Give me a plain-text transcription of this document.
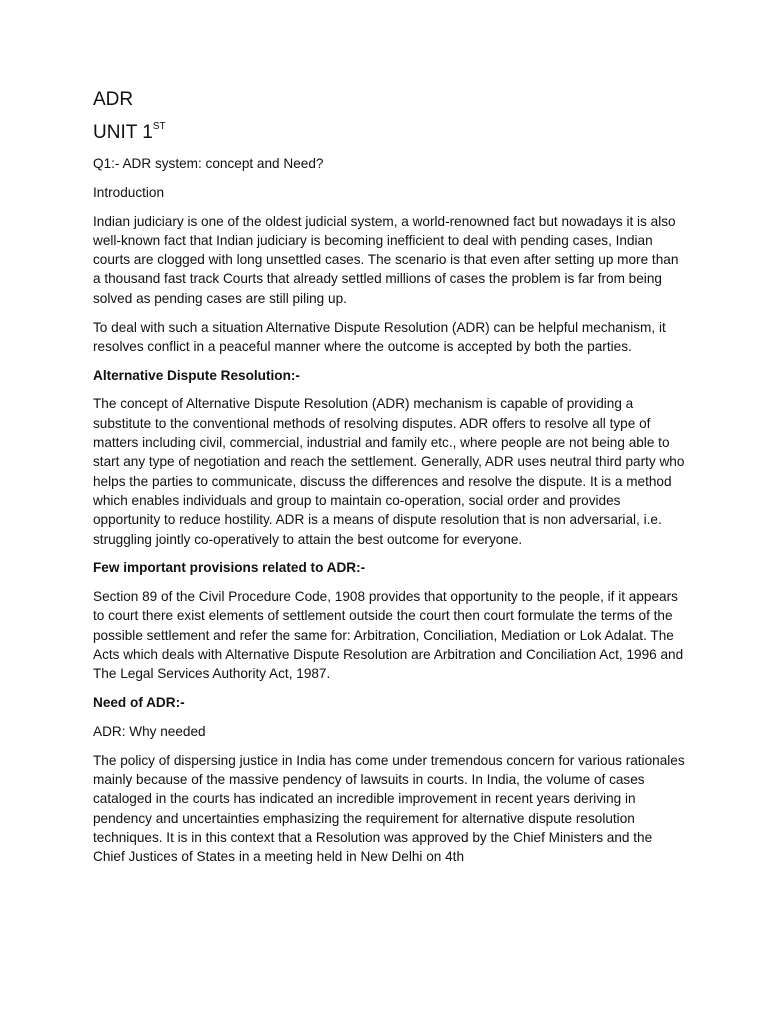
ADR
UNIT 1ST

Q1:- ADR system: concept and Need?

Introduction

Indian judiciary is one of the oldest judicial system, a world-renowned fact but nowadays it is also well-known fact that Indian judiciary is becoming inefficient to deal with pending cases, Indian courts are clogged with long unsettled cases. The scenario is that even after setting up more than a thousand fast track Courts that already settled millions of cases the problem is far from being solved as pending cases are still piling up.

To deal with such a situation Alternative Dispute Resolution (ADR) can be helpful mechanism, it resolves conflict in a peaceful manner where the outcome is accepted by both the parties.

Alternative Dispute Resolution:-

The concept of Alternative Dispute Resolution (ADR) mechanism is capable of providing a substitute to the conventional methods of resolving disputes. ADR offers to resolve all type of matters including civil, commercial, industrial and family etc., where people are not being able to start any type of negotiation and reach the settlement. Generally, ADR uses neutral third party who helps the parties to communicate, discuss the differences and resolve the dispute. It is a method which enables individuals and group to maintain co-operation, social order and provides opportunity to reduce hostility. ADR is a means of dispute resolution that is non adversarial, i.e. struggling jointly co-operatively to attain the best outcome for everyone.

Few important provisions related to ADR:-

Section 89 of the Civil Procedure Code, 1908 provides that opportunity to the people, if it appears to court there exist elements of settlement outside the court then court formulate the terms of the possible settlement and refer the same for: Arbitration, Conciliation, Mediation or Lok Adalat. The Acts which deals with Alternative Dispute Resolution are Arbitration and Conciliation Act, 1996 and The Legal Services Authority Act, 1987.

Need of ADR:-

ADR: Why needed

The policy of dispersing justice in India has come under tremendous concern for various rationales mainly because of the massive pendency of lawsuits in courts. In India, the volume of cases cataloged in the courts has indicated an incredible improvement in recent years deriving in pendency and uncertainties emphasizing the requirement for alternative dispute resolution techniques. It is in this context that a Resolution was approved by the Chief Ministers and the Chief Justices of States in a meeting held in New Delhi on 4th
